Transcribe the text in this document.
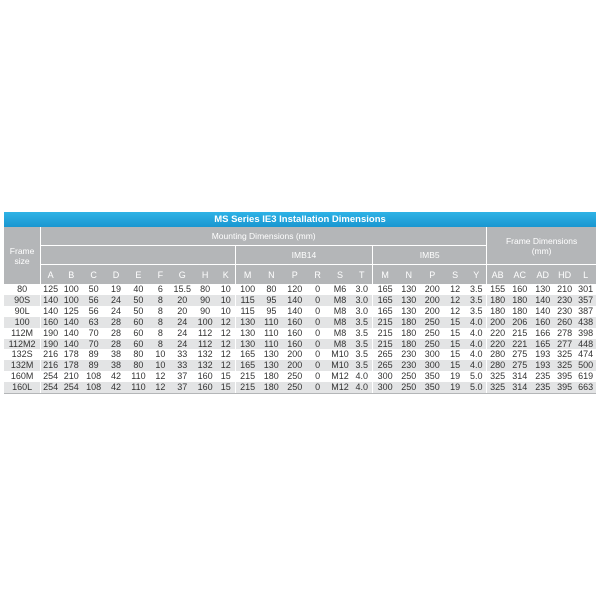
MS Series IE3 Installation Dimensions																									
Frame
size	Mounting Dimensions (mm)																				Frame Dimensions
(mm)				
										IMB14						IMB5									
	A	B	C	D	E	F	G	H	K	M	N	P	R	S	T	M	N	P	S	Y	AB	AC	AD	HD	L
80	125	100	50	19	40	6	15.5	80	10	100	80	120	0	M6	3.0	165	130	200	12	3.5	155	160	130	210	301
90S	140	100	56	24	50	8	20	90	10	115	95	140	0	M8	3.0	165	130	200	12	3.5	180	180	140	230	357
90L	140	125	56	24	50	8	20	90	10	115	95	140	0	M8	3.0	165	130	200	12	3.5	180	180	140	230	387
100	160	140	63	28	60	8	24	100	12	130	110	160	0	M8	3.5	215	180	250	15	4.0	200	206	160	260	438
112M	190	140	70	28	60	8	24	112	12	130	110	160	0	M8	3.5	215	180	250	15	4.0	220	215	166	278	398
112M2	190	140	70	28	60	8	24	112	12	130	110	160	0	M8	3.5	215	180	250	15	4.0	220	221	165	277	448
132S	216	178	89	38	80	10	33	132	12	165	130	200	0	M10	3.5	265	230	300	15	4.0	280	275	193	325	474
132M	216	178	89	38	80	10	33	132	12	165	130	200	0	M10	3.5	265	230	300	15	4.0	280	275	193	325	500
160M	254	210	108	42	110	12	37	160	15	215	180	250	0	M12	4.0	300	250	350	19	5.0	325	314	235	395	619
160L	254	254	108	42	110	12	37	160	15	215	180	250	0	M12	4.0	300	250	350	19	5.0	325	314	235	395	663
